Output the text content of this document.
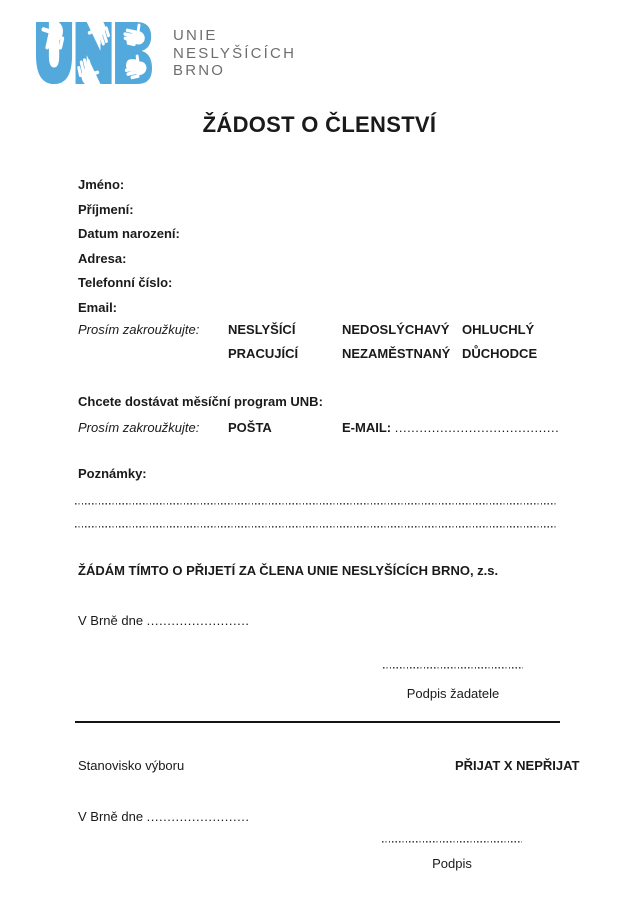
UNIE
NESLYŠÍCÍCH
BRNO
ŽÁDOST O ČLENSTVÍ
Jméno:
Příjmení:
Datum narození:
Adresa:
Telefonní číslo:
Email:
Prosím zakroužkujte: NESLYŠÍCÍ	NEDOSLÝCHAVÝ OHLUCHLÝ
PRACUJÍCÍ	NEZAMĚSTNANÝ DŮCHODCE
Chcete dostávat měsíční program UNB:
Prosím zakroužkujte: POŠTA	E-MAIL: ........................................
Poznámky:
ŽÁDÁM TÍMTO O PŘIJETÍ ZA ČLENA UNIE NESLYŠÍCÍCH BRNO, z.s.
V Brně dne .........................
Podpis žadatele
Stanovisko výboru	PŘIJAT X NEPŘIJAT
V Brně dne .........................
Podpis
